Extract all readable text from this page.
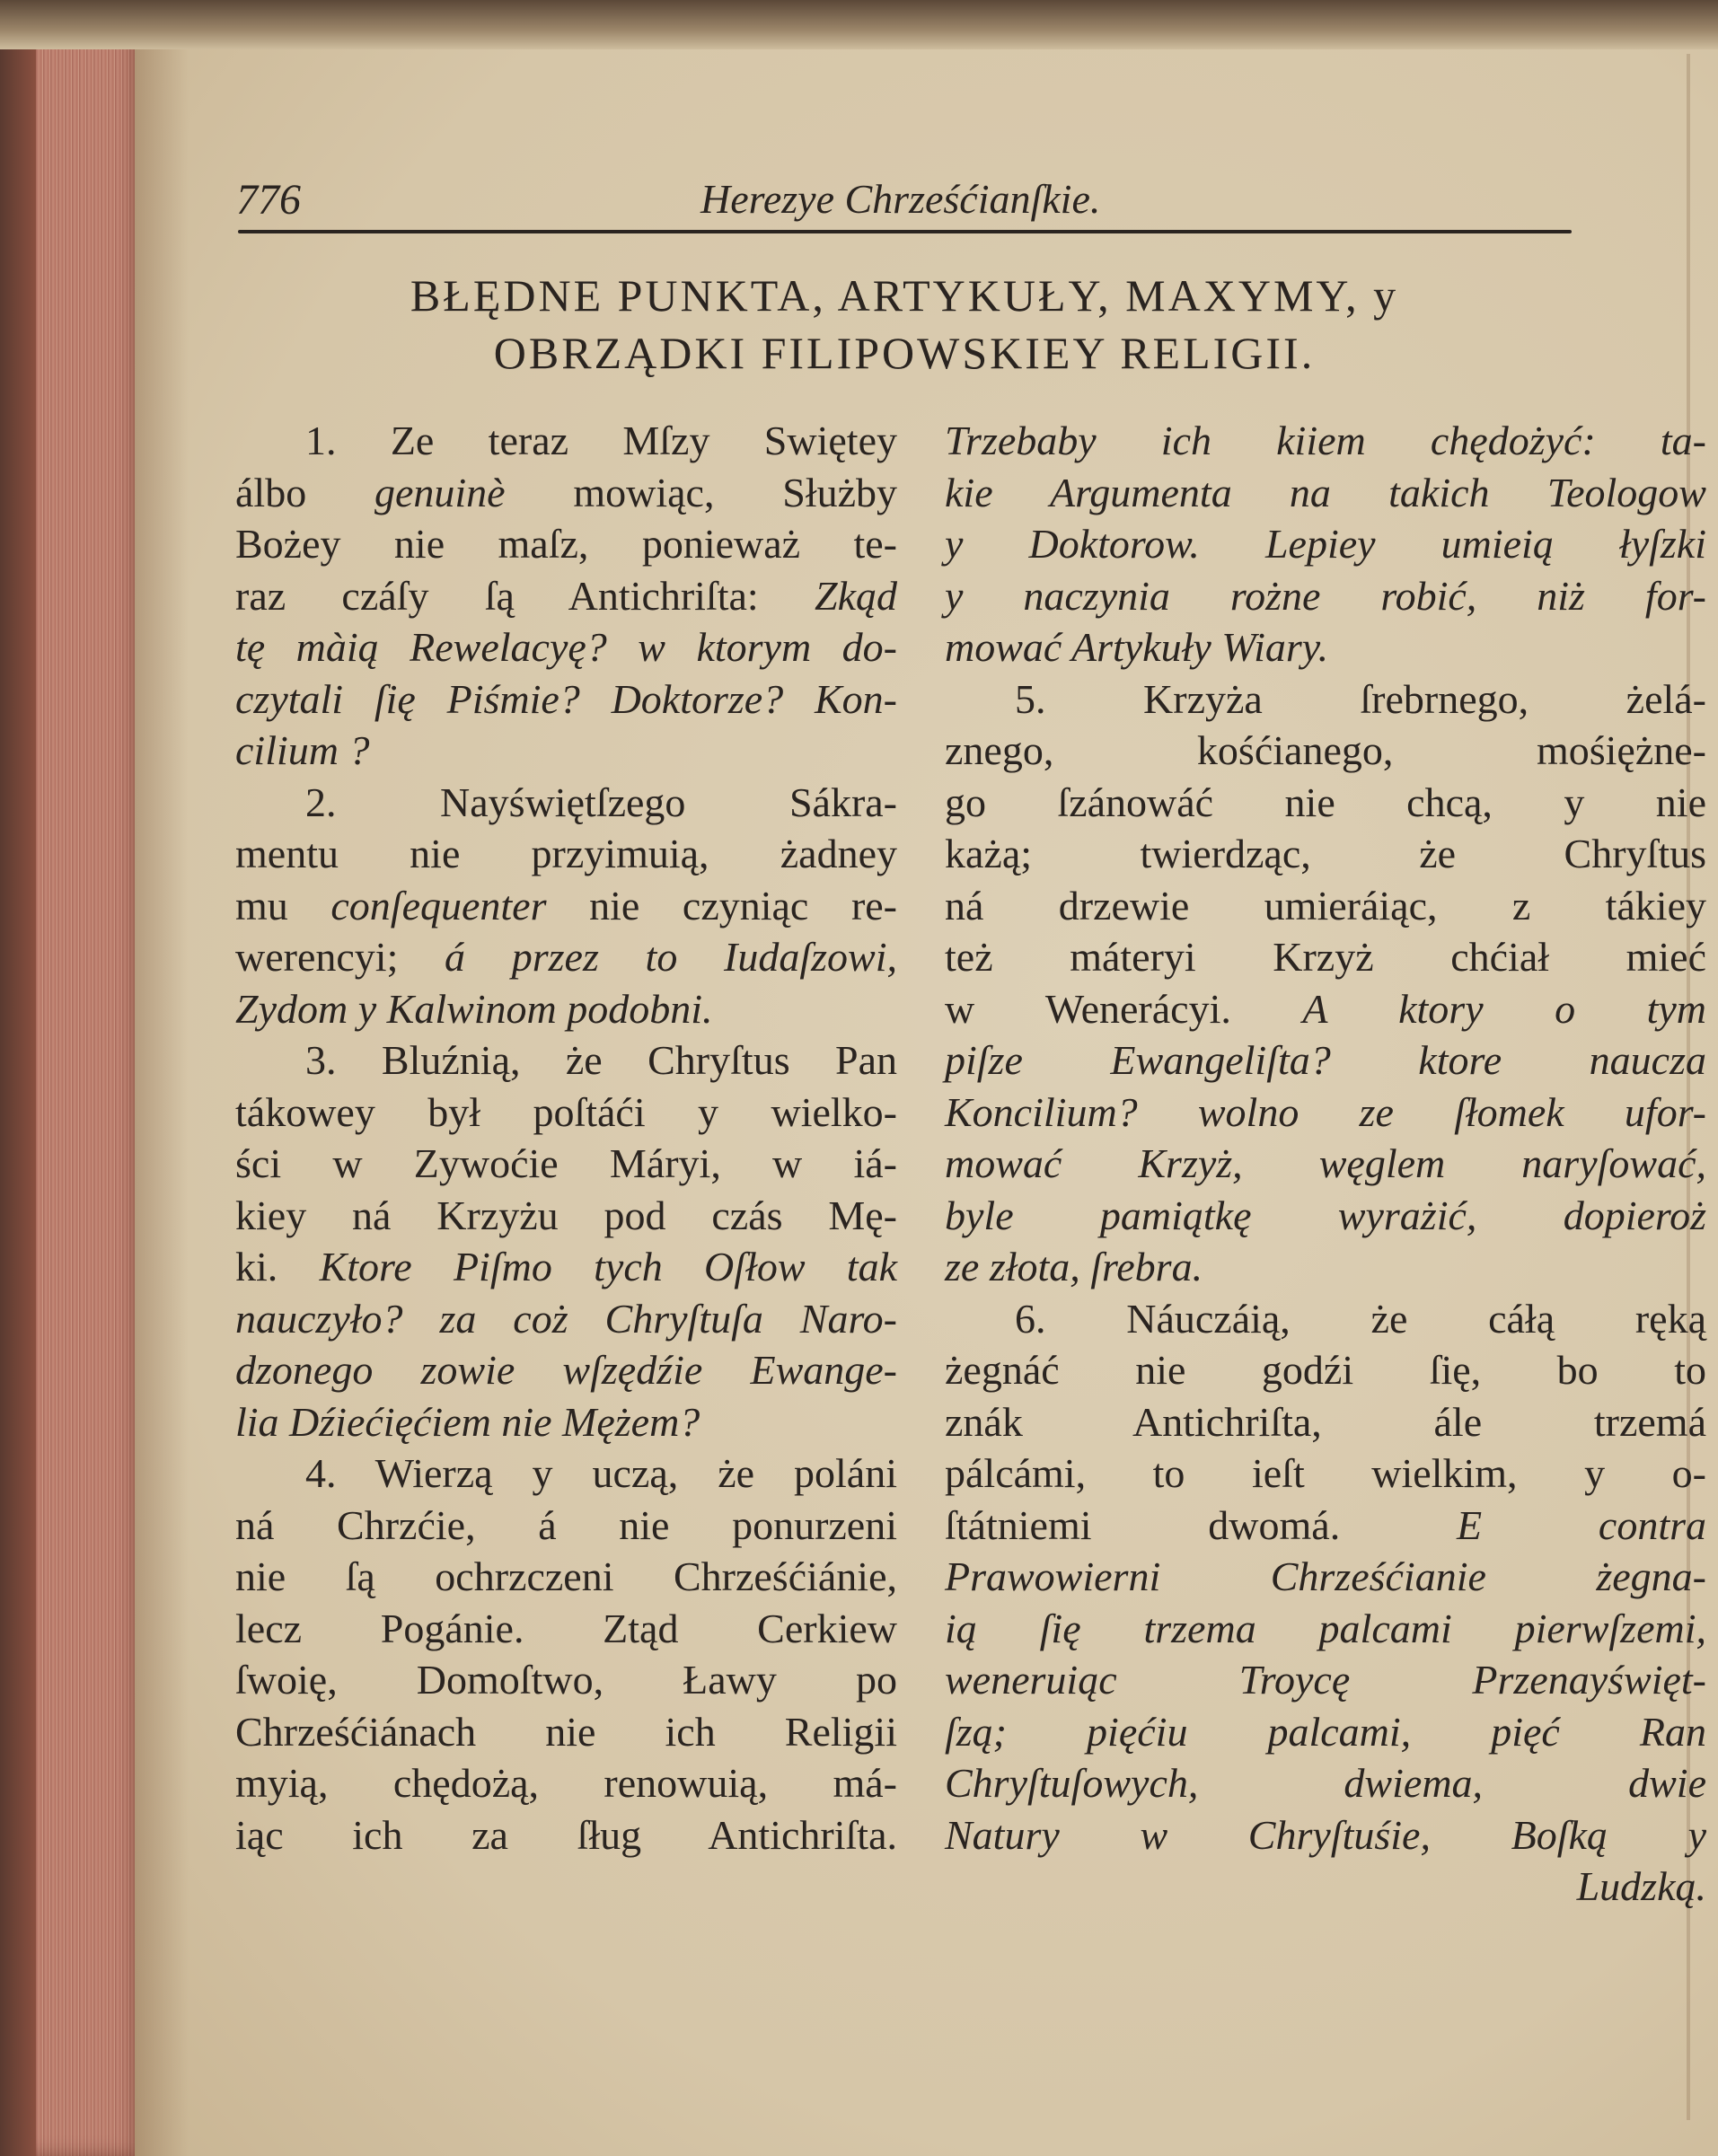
776	Herezye Chrześćianſkie.
BŁĘDNE PUNKTA, ARTYKUŁY, MAXYMY, y
OBRZĄDKI FILIPOWSKIEY RELIGII.
1. Ze teraz Mſzy Swiętey
álbo genuinè mowiąc, Służby
Bożey nie maſz, ponieważ te-
raz czáſy ſą Antichriſta: Zkąd
tę màią Rewelacyę? w ktorym do-
czytali ſię Piśmie? Doktorze? Kon-
cilium ?
2. Nayświętſzego Sákra-
mentu nie przyimuią, żadney
mu conſequenter nie czyniąc re-
werencyi; á przez to Iudaſzowi,
Zydom y Kalwinom podobni.
3. Bluźnią, że Chryſtus Pan
tákowey był poſtáći y wielko-
ści w Zywoćie Máryi, w iá-
kiey ná Krzyżu pod czás Mę-
ki. Ktore Piſmo tych Oſłow tak
nauczyło? za coż Chryſtuſa Naro-
dzonego zowie wſzędźie Ewange-
lia Dźiećięćiem nie Mężem?
4. Wierzą y uczą, że poláni
ná Chrzćie, á nie ponurzeni
nie ſą ochrzczeni Chrześćiánie,
lecz Pogánie. Ztąd Cerkiew
ſwoię, Domoſtwo, Ławy po
Chrześćiánach nie ich Religii
myią, chędożą, renowuią, má-
iąc ich za ſług Antichriſta.
Trzebaby ich kiiem chędożyć: ta-
kie Argumenta na takich Teologow
y Doktorow. Lepiey umieią łyſzki
y naczynia rożne robić, niż for-
mować Artykuły Wiary.
5. Krzyża ſrebrnego, żelá-
znego, kośćianego, mośiężne-
go ſzánowáć nie chcą, y nie
każą; twierdząc, że Chryſtus
ná drzewie umieráiąc, z tákiey
też máteryi Krzyż chćiał mieć
w Wenerácyi. A ktory o tym
piſze Ewangeliſta? ktore naucza
Koncilium? wolno ze ſłomek ufor-
mować Krzyż, węglem naryſować,
byle pamiątkę wyrażić, dopieroż
ze złota, ſrebra.
6. Náuczáią, że cáłą ręką
żegnáć nie godźi ſię, bo to
znák Antichriſta, ále trzemá
pálcámi, to ieſt wielkim, y o-
ſtátniemi dwomá. E contra
Prawowierni Chrześćianie żegna-
ią ſię trzema palcami pierwſzemi,
weneruiąc Troycę Przenayświęt-
ſzą; pięćiu palcami, pięć Ran
Chryſtuſowych, dwiema, dwie
Natury w Chryſtuśie, Boſką y
Ludzką.
